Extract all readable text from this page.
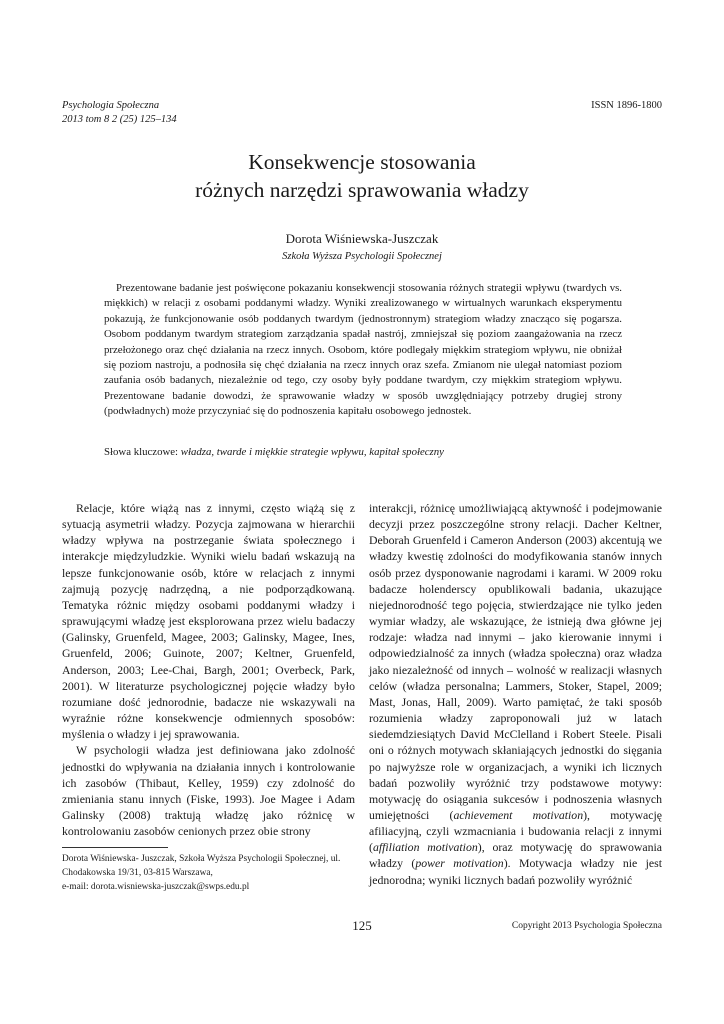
Psychologia Społeczna
2013 tom 8 2 (25) 125–134
ISSN 1896-1800
Konsekwencje stosowania
różnych narzędzi sprawowania władzy
Dorota Wiśniewska-Juszczak
Szkoła Wyższa Psychologii Społecznej
Prezentowane badanie jest poświęcone pokazaniu konsekwencji stosowania różnych strategii wpływu (twardych vs. miękkich) w relacji z osobami poddanymi władzy. Wyniki zrealizowanego w wirtualnych warunkach eksperymentu pokazują, że funkcjonowanie osób poddanych twardym (jednostronnym) strategiom władzy znacząco się pogarsza. Osobom poddanym twardym strategiom zarządzania spadał nastrój, zmniejszał się poziom zaangażowania na rzecz przełożonego oraz chęć działania na rzecz innych. Osobom, które podlegały miękkim strategiom wpływu, nie obniżał się poziom nastroju, a podnosiła się chęć działania na rzecz innych oraz szefa. Zmianom nie ulegał natomiast poziom zaufania osób badanych, niezależnie od tego, czy osoby były poddane twardym, czy miękkim strategiom wpływu. Prezentowane badanie dowodzi, że sprawowanie władzy w sposób uwzględniający potrzeby drugiej strony (podwładnych) może przyczyniać się do podnoszenia kapitału osobowego jednostek.
Słowa kluczowe: władza, twarde i miękkie strategie wpływu, kapitał społeczny

Relacje, które wiążą nas z innymi, często wiążą się z sytuacją asymetrii władzy. Pozycja zajmowana w hierarchii władzy wpływa na postrzeganie świata społecznego i interakcje międzyludzkie. Wyniki wielu badań wskazują na lepsze funkcjonowanie osób, które w relacjach z innymi zajmują pozycję nadrzędną, a nie podporządkowaną. Tematyka różnic między osobami poddanymi władzy i sprawującymi władzę jest eksplorowana przez wielu badaczy (Galinsky, Gruenfeld, Magee, 2003; Galinsky, Magee, Ines, Gruenfeld, 2006; Guinote, 2007; Keltner, Gruenfeld, Anderson, 2003; Lee-Chai, Bargh, 2001; Overbeck, Park, 2001). W literaturze psychologicznej pojęcie władzy było rozumiane dość jednorodnie, badacze nie wskazywali na wyraźnie różne konsekwencje odmiennych sposobów: myślenia o władzy i jej sprawowania.

W psychologii władza jest definiowana jako zdolność jednostki do wpływania na działania innych i kontrolowanie ich zasobów (Thibaut, Kelley, 1959) czy zdolność do zmieniania stanu innych (Fiske, 1993). Joe Magee i Adam Galinsky (2008) traktują władzę jako różnicę w kontrolowaniu zasobów cenionych przez obie strony

interakcji, różnicę umożliwiającą aktywność i podejmowanie decyzji przez poszczególne strony relacji. Dacher Keltner, Deborah Gruenfeld i Cameron Anderson (2003) akcentują we władzy kwestię zdolności do modyfikowania stanów innych osób przez dysponowanie nagrodami i karami. W 2009 roku badacze holenderscy opublikowali badania, ukazujące niejednorodność tego pojęcia, stwierdzające nie tylko jeden wymiar władzy, ale wskazujące, że istnieją dwa główne jej rodzaje: władza nad innymi – jako kierowanie innymi i odpowiedzialność za innych (władza społeczna) oraz władza jako niezależność od innych – wolność w realizacji własnych celów (władza personalna; Lammers, Stoker, Stapel, 2009; Mast, Jonas, Hall, 2009). Warto pamiętać, że taki sposób rozumienia władzy zaproponowali już w latach siedemdziesiątych David McClelland i Robert Steele. Pisali oni o różnych motywach skłaniających jednostki do sięgania po najwyższe role w organizacjach, a wyniki ich licznych badań pozwoliły wyróżnić trzy podstawowe motywy: motywację do osiągania sukcesów i podnoszenia własnych umiejętności (achievement motivation), motywację afiliacyjną, czyli wzmacniania i budowania relacji z innymi (affiliation motivation), oraz motywację do sprawowania władzy (power motivation). Motywacja władzy nie jest jednorodna; wyniki licznych badań pozwoliły wyróżnić

Dorota Wiśniewska- Juszczak, Szkoła Wyższa Psychologii Społecznej, ul. Chodakowska 19/31, 03-815 Warszawa,
e-mail: dorota.wisniewska-juszczak@swps.edu.pl
125	Copyright 2013 Psychologia Społeczna
